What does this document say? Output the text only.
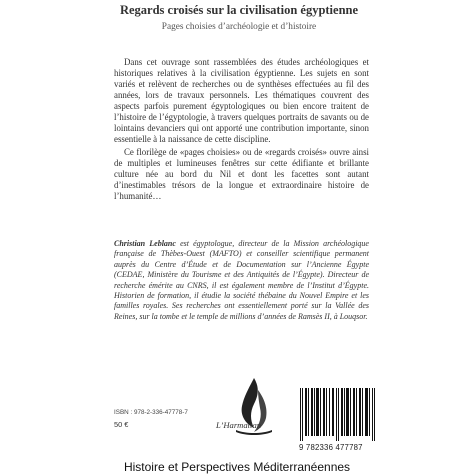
Regards croisés sur la civilisation égyptienne
Pages choisies d’archéologie et d’histoire

Dans cet ouvrage sont rassemblées des études archéologiques et historiques relatives à la civilisation égyptienne. Les sujets en sont variés et relèvent de recherches ou de synthèses effectuées au fil des années, lors de travaux personnels. Les thématiques couvrent des aspects parfois purement égyptologiques ou bien encore traitent de l’histoire de l’égyptologie, à travers quelques portraits de savants ou de lointains devanciers qui ont apporté une contribution importante, sinon essentielle à la naissance de cette discipline.

Ce florilège de «pages choisies» ou de «regards croisés» ouvre ainsi de multiples et lumineuses fenêtres sur cette édifiante et brillante culture née au bord du Nil et dont les facettes sont autant d’inestimables trésors de la longue et extraordinaire histoire de l’humanité…

Christian Leblanc est égyptologue, directeur de la Mission archéologique française de Thèbes-Ouest (MAFTO) et conseiller scientifique permanent auprès du Centre d’Étude et de Documentation sur l’Ancienne Égypte (CEDAE, Ministère du Tourisme et des Antiquités de l’Égypte). Directeur de recherche émérite au CNRS, il est également membre de l’Institut d’Égypte. Historien de formation, il étudie la société thébaine du Nouvel Empire et les familles royales. Ses recherches ont essentiellement porté sur la Vallée des Reines, sur la tombe et le temple de millions d’années de Ramsès II, à Louqsor.

ISBN : 978-2-336-47778-7
50 €	L’Harmattan
9 782336 477787
Histoire et Perspectives Méditerranéennes
